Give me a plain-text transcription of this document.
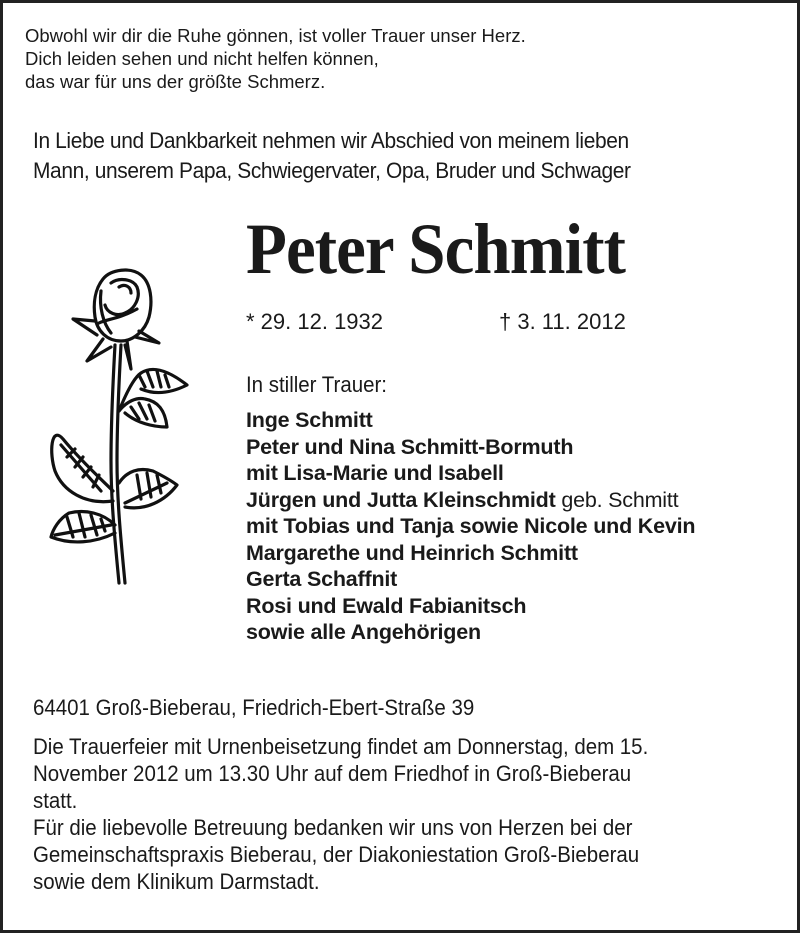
Obwohl wir dir die Ruhe gönnen, ist voller Trauer unser Herz.
Dich leiden sehen und nicht helfen können,
das war für uns der größte Schmerz.
In Liebe und Dankbarkeit nehmen wir Abschied von meinem lieben
Mann, unserem Papa, Schwiegervater, Opa, Bruder und Schwager
Peter Schmitt
* 29. 12. 1932	† 3. 11. 2012
In stiller Trauer:
Inge Schmitt
Peter und Nina Schmitt-Bormuth
mit Lisa-Marie und Isabell
Jürgen und Jutta Kleinschmidt geb. Schmitt
mit Tobias und Tanja sowie Nicole und Kevin
Margarethe und Heinrich Schmitt
Gerta Schaffnit
Rosi und Ewald Fabianitsch
sowie alle Angehörigen
64401 Groß-Bieberau, Friedrich-Ebert-Straße 39
Die Trauerfeier mit Urnenbeisetzung findet am Donnerstag, dem 15.
November 2012 um 13.30 Uhr auf dem Friedhof in Groß-Bieberau
statt.
Für die liebevolle Betreuung bedanken wir uns von Herzen bei der
Gemeinschaftspraxis Bieberau, der Diakoniestation Groß-Bieberau
sowie dem Klinikum Darmstadt.
